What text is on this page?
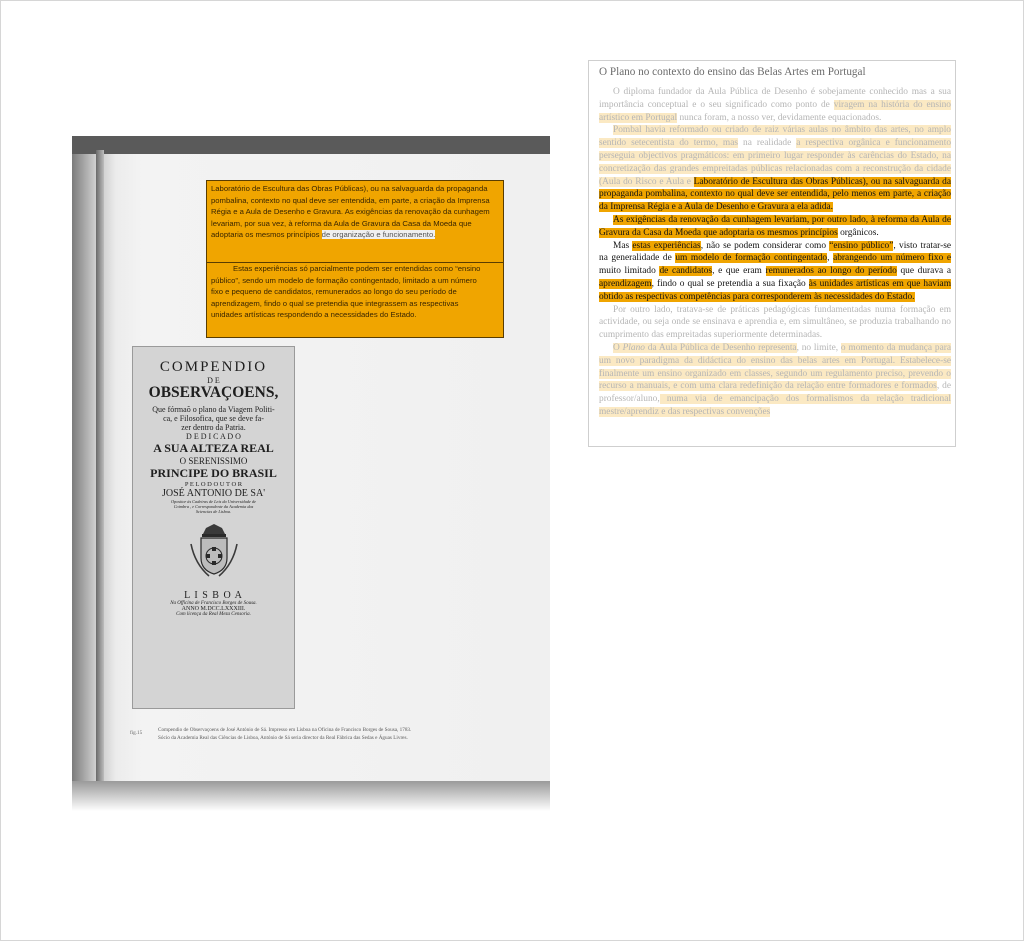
Laboratório de Escultura das Obras Públicas), ou na salvaguarda da propaganda pombalina, contexto no qual deve ser entendida, em parte, a criação da Imprensa Régia e a Aula de Desenho e Gravura. As exigências da renovação da cunhagem levariam, por sua vez, à reforma da Aula de Gravura da Casa da Moeda que adoptaria os mesmos princípios de organização e funcionamento.
Estas experiências só parcialmente podem ser entendidas como “ensino público”, sendo um modelo de formação contingentado, limitado a um número fixo e pequeno de candidatos, remunerados ao longo do seu período de aprendizagem, findo o qual se pretendia que integrassem as respectivas unidades artísticas respondendo a necessidades do Estado.
COMPENDIO
D E
OBSERVAÇOENS,
Que fórmaõ o plano da Viagem Politi-
ca, e Filosofica, que se deve fa-
zer dentro da Patria.
D E D I C A D O
A SUA ALTEZA REAL
O SERENISSIMO
PRINCIPE DO BRASIL
P E L O D O U T O R
JOSÉ ANTONIO DE SA'
Opositor ás Cadeiras de Leis da Universidade de
Coimbra , e Correspondente da Academia das
Sciencias de Lisboa.
L I S B O A
Na Officina de Francisco Borges de Sousa.
ANNO M.DCC.LXXXIII.
Com licença da Real Meza Censoria.
fig.15	Compendio de Observaçoens de José António de Sá. Impresso em Lisboa na Oficina de Francisco Borges de Sousa, 1783. Sócio da Academia Real das Ciências de Lisboa, António de Sá seria director da Real Fábrica das Sedas e Águas Livres.
O Plano no contexto do ensino das Belas Artes em Portugal

O diploma fundador da Aula Pública de Desenho é sobejamente conhecido mas a sua importância conceptual e o seu significado como ponto de viragem na história do ensino artístico em Portugal nunca foram, a nosso ver, devidamente equacionados.

Pombal havia reformado ou criado de raiz várias aulas no âmbito das artes, no amplo sentido setecentista do termo, mas na realidade a respectiva orgânica e funcionamento perseguia objectivos pragmáticos: em primeiro lugar responder às carências do Estado, na concretização das grandes empreitadas públicas relacionadas com a reconstrução da cidade (Aula do Risco e Aula e Laboratório de Escultura das Obras Públicas), ou na salvaguarda da propaganda pombalina, contexto no qual deve ser entendida, pelo menos em parte, a criação da Imprensa Régia e a Aula de Desenho e Gravura a ela adida.

As exigências da renovação da cunhagem levariam, por outro lado, à reforma da Aula de Gravura da Casa da Moeda que adoptaria os mesmos princípios orgânicos.

Mas estas experiências, não se podem considerar como “ensino público”, visto tratar-se na generalidade de um modelo de formação contingentado, abrangendo um número fixo e muito limitado de candidatos, e que eram remunerados ao longo do período que durava a aprendizagem, findo o qual se pretendia a sua fixação às unidades artísticas em que haviam obtido as respectivas competências para corresponderem às necessidades do Estado.

Por outro lado, tratava-se de práticas pedagógicas fundamentadas numa formação em actividade, ou seja onde se ensinava e aprendia e, em simultâneo, se produzia trabalhando no cumprimento das empreitadas superiormente determinadas.

O Plano da Aula Pública de Desenho representa, no limite, o momento da mudança para um novo paradigma da didáctica do ensino das belas artes em Portugal. Estabelece-se finalmente um ensino organizado em classes, segundo um regulamento preciso, prevendo o recurso a manuais, e com uma clara redefinição da relação entre formadores e formados, de professor/aluno, numa via de emancipação dos formalismos da relação tradicional mestre/aprendiz e das respectivas convenções
